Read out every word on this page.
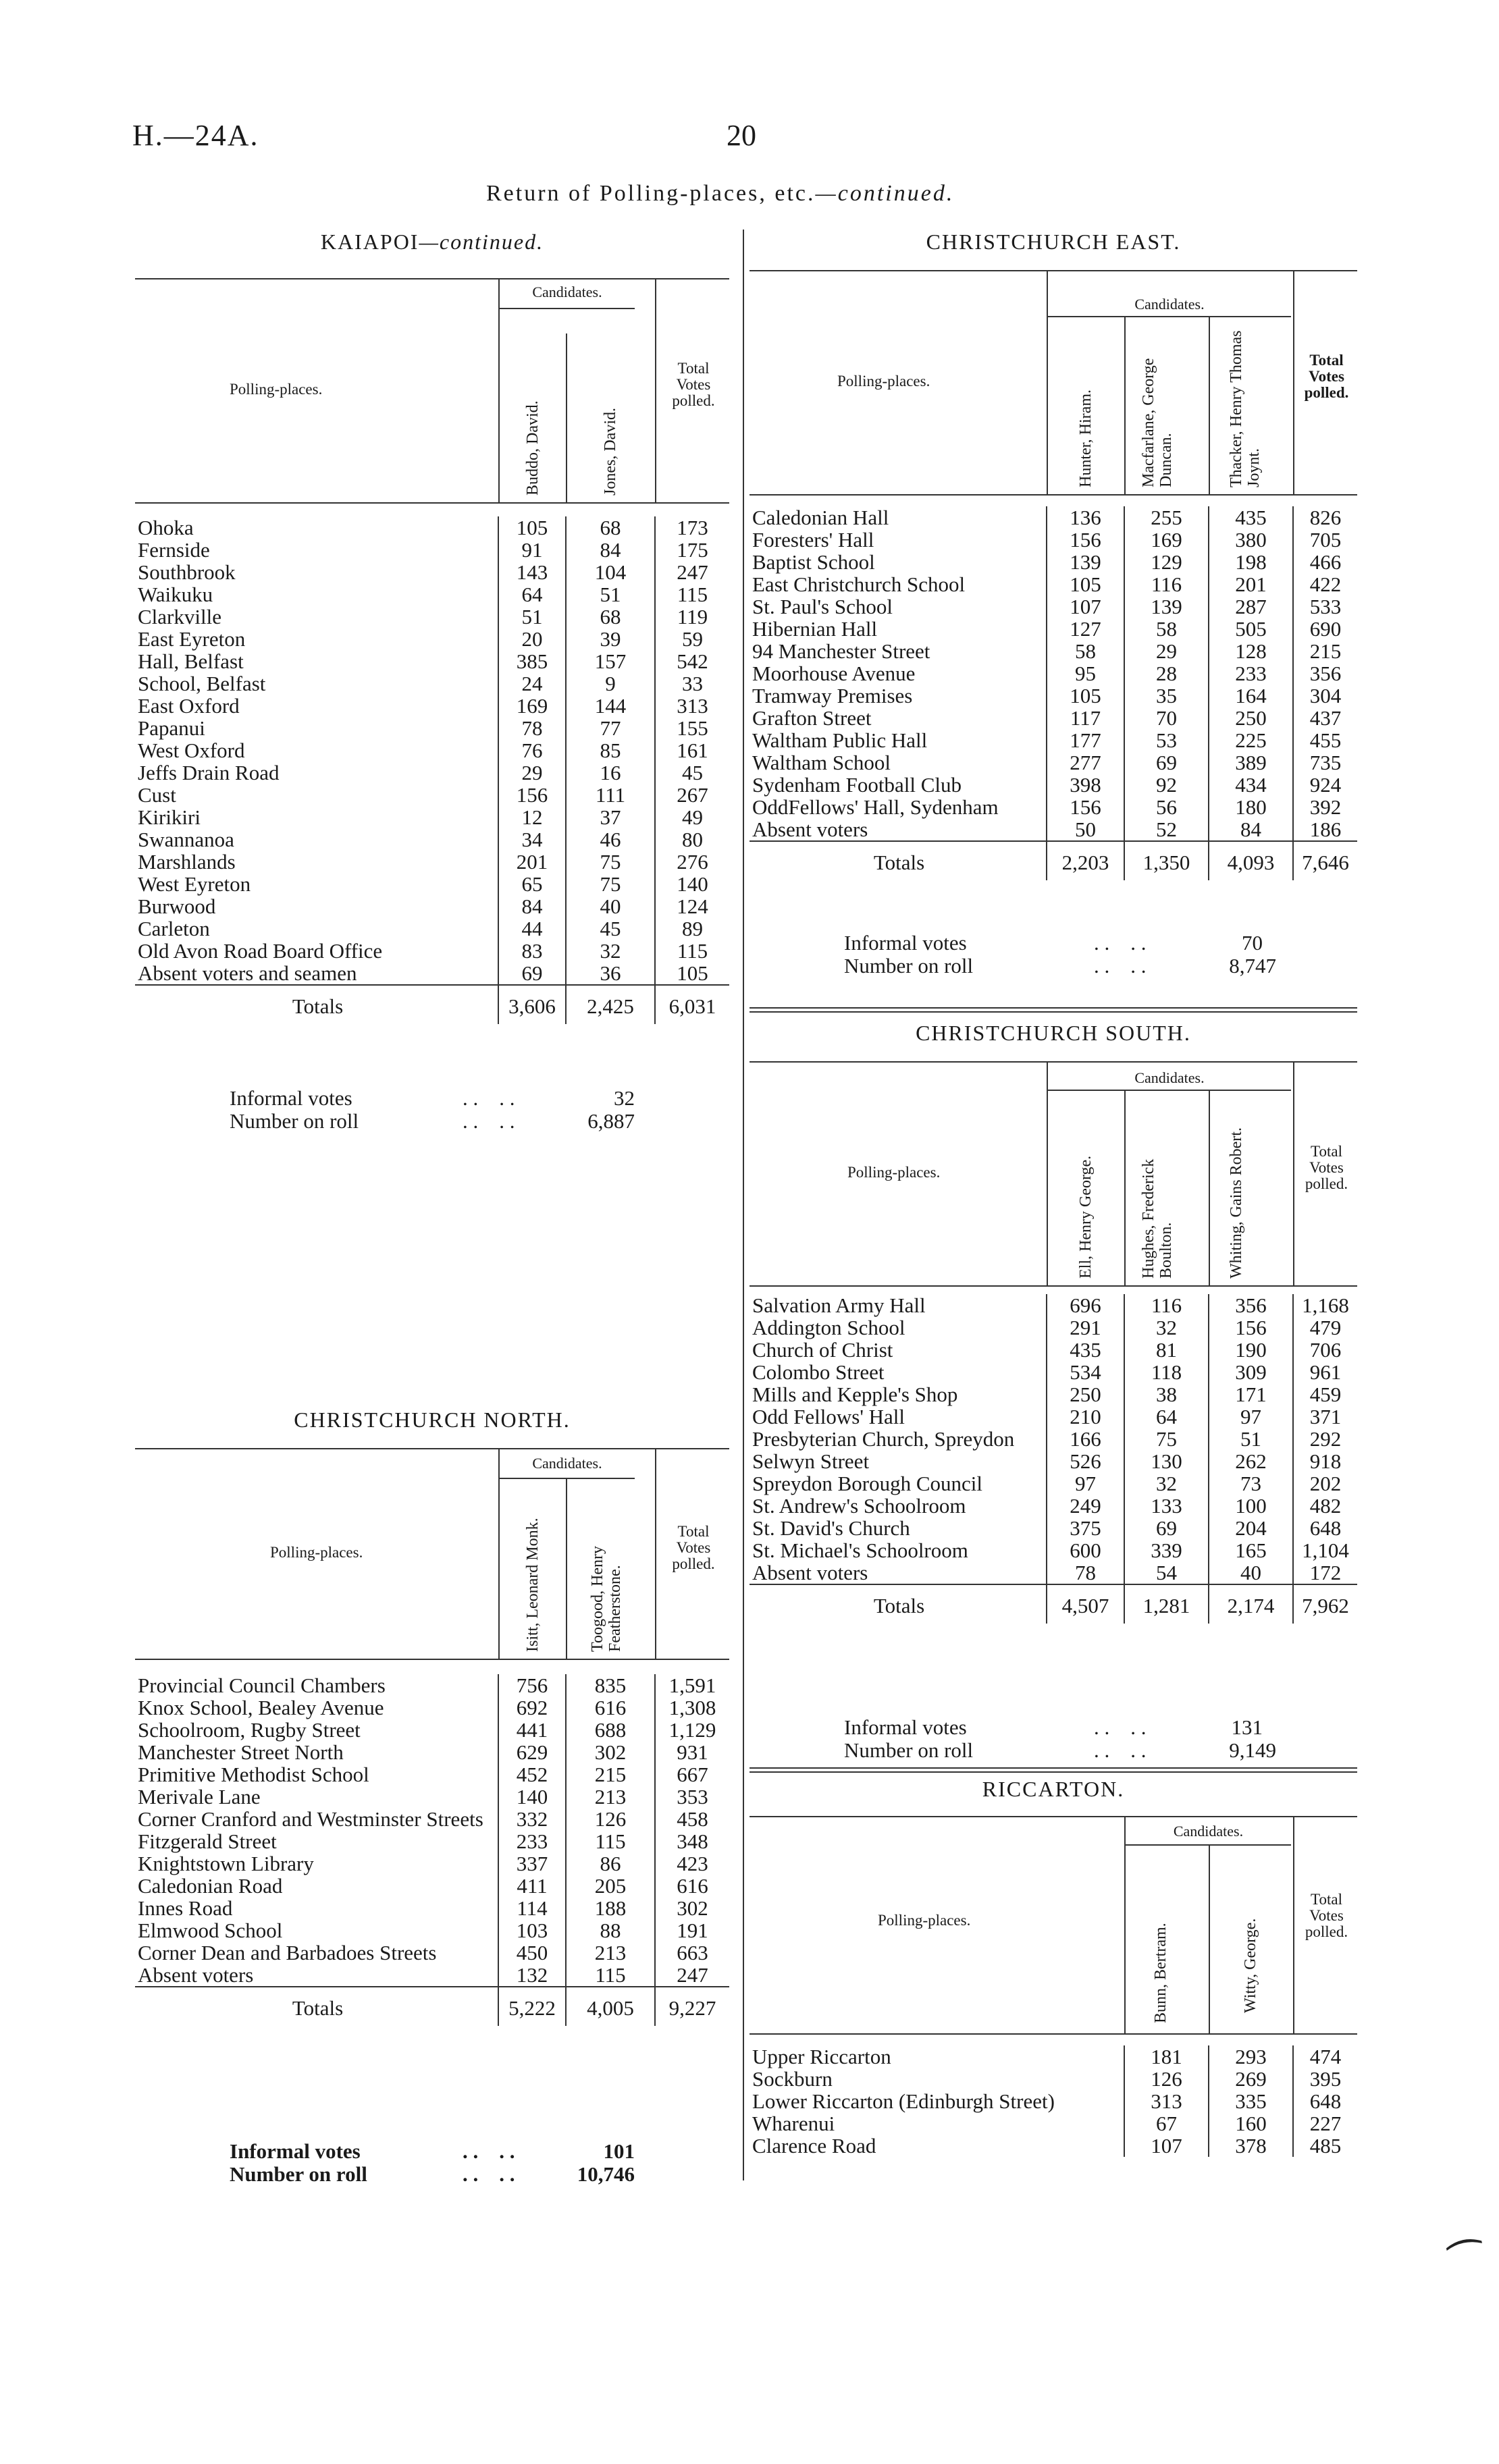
H.—24A.	20
Return of Polling-places, etc.—continued.
KAIAPOI—continued.
Polling-places.
Candidates.
Buddo, David.	Jones, David.
Total Votes polled.
Ohoka	105	68	173
Fernside	91	84	175
Southbrook	143	104	247
Waikuku	64	51	115
Clarkville	51	68	119
East Eyreton	20	39	59
Hall, Belfast	385	157	542
School, Belfast	24	9	33
East Oxford	169	144	313
Papanui	78	77	155
West Oxford	76	85	161
Jeffs Drain Road	29	16	45
Cust	156	111	267
Kirikiri	12	37	49
Swannanoa	34	46	80
Marshlands	201	75	276
West Eyreton	65	75	140
Burwood	84	40	124
Carleton	44	45	89
Old Avon Road Board Office	83	32	115
Absent voters and seamen	69	36	105
Totals	3,606	2,425	6,031
Informal votes	. .    . .	32
Number on roll	. .    . .	6,887
CHRISTCHURCH NORTH.
Polling-places.
Candidates.
Isitt, Leonard Monk.	Toogood, Henry Featherstone.
Total Votes polled.
Provincial Council Chambers	756	835	1,591
Knox School, Bealey Avenue	692	616	1,308
Schoolroom, Rugby Street	441	688	1,129
Manchester Street North	629	302	931
Primitive Methodist School	452	215	667
Merivale Lane	140	213	353
Corner Cranford and Westminster Streets	332	126	458
Fitzgerald Street	233	115	348
Knightstown Library	337	86	423
Caledonian Road	411	205	616
Innes Road	114	188	302
Elmwood School	103	88	191
Corner Dean and Barbadoes Streets	450	213	663
Absent voters	132	115	247
Totals	5,222	4,005	9,227
Informal votes	. .    . .	101
Number on roll	. .    . .	10,746
CHRISTCHURCH EAST.
Polling-places.
Candidates.
Hunter, Hiram.	Macfarlane, George Duncan.	Thacker, Henry Thomas Joynt.
Total Votes polled.
Caledonian Hall	136	255	435	826
Foresters' Hall	156	169	380	705
Baptist School	139	129	198	466
East Christchurch School	105	116	201	422
St. Paul's School	107	139	287	533
Hibernian Hall	127	58	505	690
94 Manchester Street	58	29	128	215
Moorhouse Avenue	95	28	233	356
Tramway Premises	105	35	164	304
Grafton Street	117	70	250	437
Waltham Public Hall	177	53	225	455
Waltham School	277	69	389	735
Sydenham Football Club	398	92	434	924
OddFellows' Hall, Sydenham	156	56	180	392
Absent voters	50	52	84	186
Totals	2,203	1,350	4,093	7,646
Informal votes	. .    . .	70
Number on roll	. .    . .	8,747
CHRISTCHURCH SOUTH.
Polling-places.
Candidates.
Ell, Henry George.	Hughes, Frederick Boulton.	Whiting, Gains Robert.	Total Votes polled.
Salvation Army Hall	696	116	356	1,168
Addington School	291	32	156	479
Church of Christ	435	81	190	706
Colombo Street	534	118	309	961
Mills and Kepple's Shop	250	38	171	459
Odd Fellows' Hall	210	64	97	371
Presbyterian Church, Spreydon	166	75	51	292
Selwyn Street	526	130	262	918
Spreydon Borough Council	97	32	73	202
St. Andrew's Schoolroom	249	133	100	482
St. David's Church	375	69	204	648
St. Michael's Schoolroom	600	339	165	1,104
Absent voters	78	54	40	172
Totals	4,507	1,281	2,174	7,962
Informal votes	. .    . .	131
Number on roll	. .    . .	9,149
RICCARTON.
Polling-places.
Candidates.
Bunn, Bertram.	Witty, George.
Total Votes polled.
Upper Riccarton	181	293	474
Sockburn	126	269	395
Lower Riccarton (Edinburgh Street)	313	335	648
Wharenui	67	160	227
Clarence Road	107	378	485
⁀
